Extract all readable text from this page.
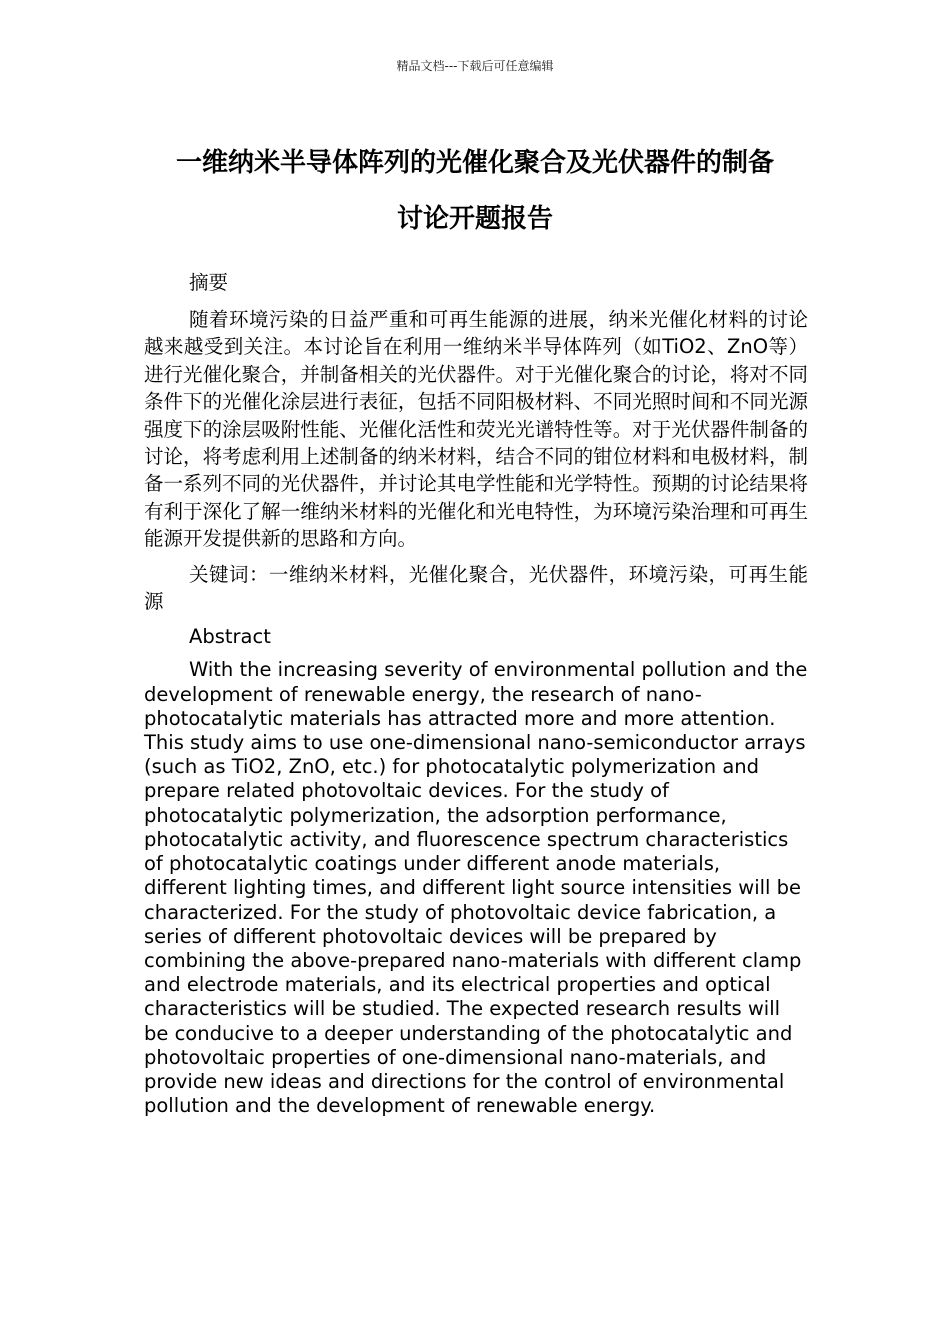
精品文档---下载后可任意编辑
一维纳米半导体阵列的光催化聚合及光伏器件的制备
讨论开题报告

摘要

随着环境污染的日益严重和可再生能源的进展，纳米光催化材料的讨论越来越受到关注。本讨论旨在利用一维纳米半导体阵列（如TiO2、ZnO等）进行光催化聚合，并制备相关的光伏器件。对于光催化聚合的讨论，将对不同条件下的光催化涂层进行表征，包括不同阳极材料、不同光照时间和不同光源强度下的涂层吸附性能、光催化活性和荧光光谱特性等。对于光伏器件制备的讨论，将考虑利用上述制备的纳米材料，结合不同的钳位材料和电极材料，制备一系列不同的光伏器件，并讨论其电学性能和光学特性。预期的讨论结果将有利于深化了解一维纳米材料的光催化和光电特性，为环境污染治理和可再生能源开发提供新的思路和方向。

关键词：一维纳米材料，光催化聚合，光伏器件，环境污染，可再生能源

Abstract

With the increasing severity of environmental pollution and the development of renewable energy, the research of nano-photocatalytic materials has attracted more and more attention. This study aims to use one-dimensional nano-semiconductor arrays (such as TiO2, ZnO, etc.) for photocatalytic polymerization and prepare related photovoltaic devices. For the study of photocatalytic polymerization, the adsorption performance, photocatalytic activity, and fluorescence spectrum characteristics of photocatalytic coatings under different anode materials, different lighting times, and different light source intensities will be characterized. For the study of photovoltaic device fabrication, a series of different photovoltaic devices will be prepared by combining the above-prepared nano-materials with different clamp and electrode materials, and its electrical properties and optical characteristics will be studied. The expected research results will be conducive to a deeper understanding of the photocatalytic and photovoltaic properties of one-dimensional nano-materials, and provide new ideas and directions for the control of environmental pollution and the development of renewable energy.
